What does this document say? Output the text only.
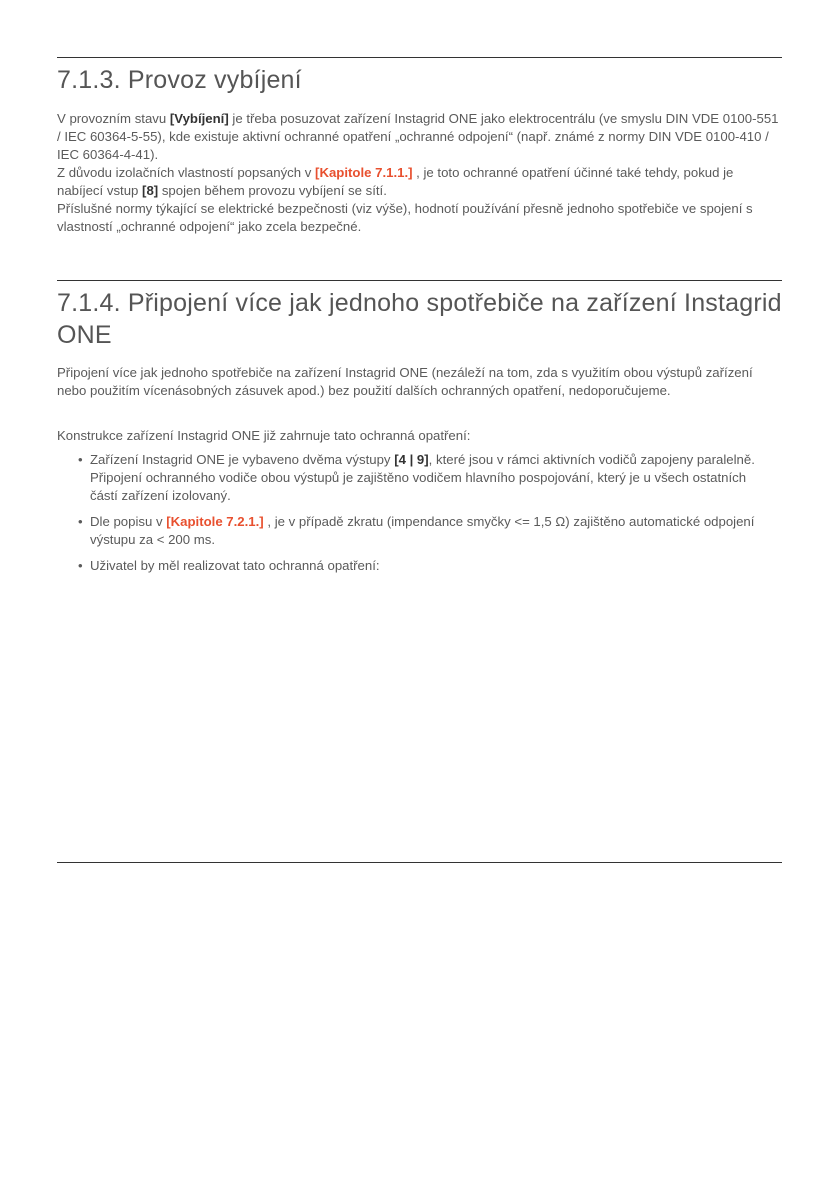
7.1.3. Provoz vybíjení

V provozním stavu [Vybíjení] je třeba posuzovat zařízení Instagrid ONE jako elektrocentrálu (ve smyslu DIN VDE 0100-551 / IEC 60364-5-55), kde existuje aktivní ochranné opatření „ochranné odpojení“ (např. známé z normy DIN VDE 0100-410 / IEC 60364-4-41).
Z důvodu izolačních vlastností popsaných v [Kapitole 7.1.1.] , je toto ochranné opatření účinné také tehdy, pokud je nabíjecí vstup [8] spojen během provozu vybíjení se sítí.
Příslušné normy týkající se elektrické bezpečnosti (viz výše), hodnotí používání přesně jednoho spotřebiče ve spojení s vlastností „ochranné odpojení“ jako zcela bezpečné.

7.1.4. Připojení více jak jednoho spotřebiče na zařízení Instagrid ONE

Připojení více jak jednoho spotřebiče na zařízení Instagrid ONE (nezáleží na tom, zda s využitím obou výstupů zařízení nebo použitím vícenásobných zásuvek apod.) bez použití dalších ochranných opatření, nedoporučujeme.

Konstrukce zařízení Instagrid ONE již zahrnuje tato ochranná opatření:

• Zařízení Instagrid ONE je vybaveno dvěma výstupy [4 | 9], které jsou v rámci aktivních vodičů zapojeny paralelně. Připojení ochranného vodiče obou výstupů je zajištěno vodičem hlavního pospojování, který je u všech ostatních částí zařízení izolovaný.
• Dle popisu v [Kapitole 7.2.1.] , je v případě zkratu (impendance smyčky <= 1,5 Ω) zajištěno automatické odpojení výstupu za < 200 ms.
• Uživatel by měl realizovat tato ochranná opatření:
